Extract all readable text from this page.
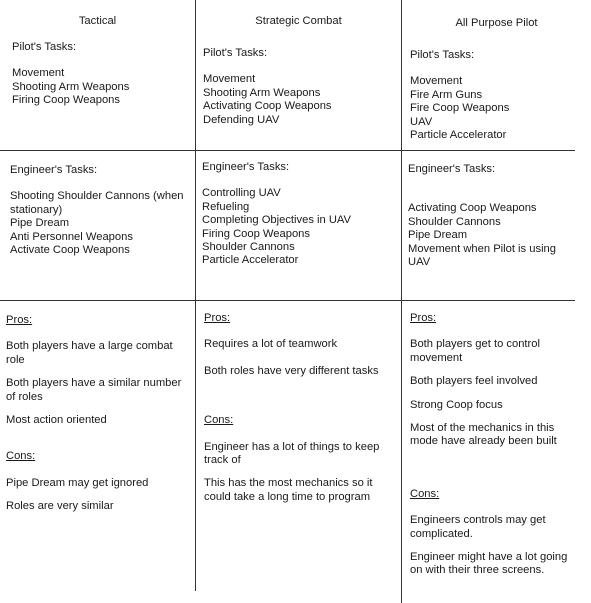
Tactical	Strategic Combat	All Purpose Pilot
Pilot's Tasks:
Movement
Shooting Arm Weapons
Firing Coop Weapons
Engineer's Tasks:
Shooting Shoulder Cannons (when stationary)
Pipe Dream
Anti Personnel Weapons
Activate Coop Weapons
Pros:
Both players have a large combat role
Both players have a similar number of roles
Most action oriented
Cons:
Pipe Dream may get ignored
Roles are very similar
Pilot's Tasks:
Movement
Shooting Arm Weapons
Activating Coop Weapons
Defending UAV
Engineer's Tasks:
Controlling UAV
Refueling
Completing Objectives in UAV
Firing Coop Weapons
Shoulder Cannons
Particle Accelerator
Pros:
Requires a lot of teamwork
Both roles have very different tasks
Cons:
Engineer has a lot of things to keep track of
This has the most mechanics so it could take a long time to program
Pilot's Tasks:
Movement
Fire Arm Guns
Fire Coop Weapons
UAV
Particle Accelerator
Engineer's Tasks:
Activating Coop Weapons
Shoulder Cannons
Pipe Dream
Movement when Pilot is using UAV
Pros:
Both players get to control movement
Both players feel involved
Strong Coop focus
Most of the mechanics in this mode have already been built
Cons:
Engineers controls may get complicated.
Engineer might have a lot going on with their three screens.
